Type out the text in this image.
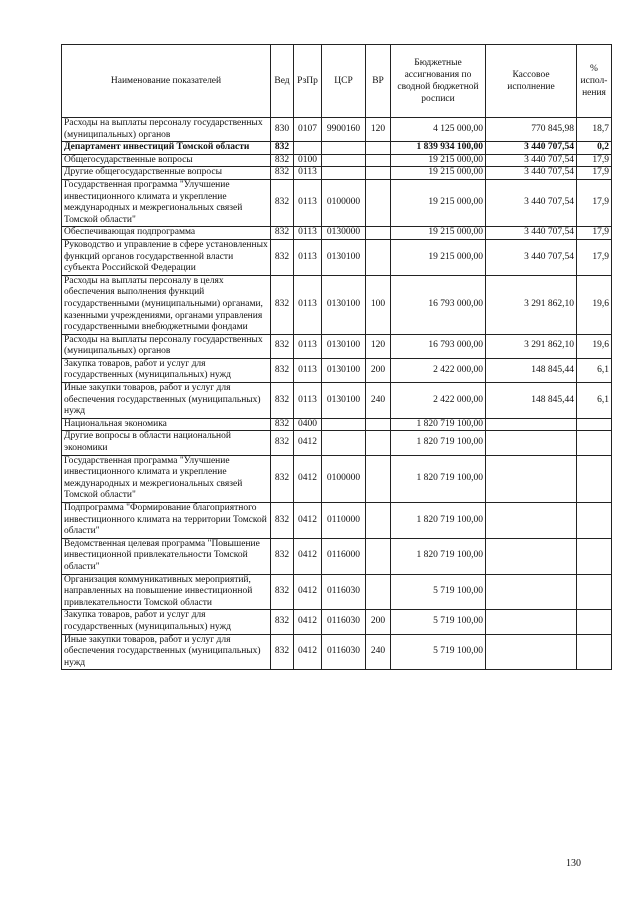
Наименование показателей	Вед	РзПр	ЦСР	ВР	Бюджетные ассигнования по сводной бюджетной росписи	Кассовое исполнение	% испол-нения
Расходы на выплаты персоналу государственных (муниципальных) органов	830	0107	9900160	120	4 125 000,00	770 845,98	18,7
Департамент инвестиций Томской области	832				1 839 934 100,00	3 440 707,54	0,2
Общегосударственные вопросы	832	0100			19 215 000,00	3 440 707,54	17,9
Другие общегосударственные вопросы	832	0113			19 215 000,00	3 440 707,54	17,9
Государственная программа "Улучшение инвестиционного климата и укрепление международных и межрегиональных связей Томской области"	832	0113	0100000		19 215 000,00	3 440 707,54	17,9
Обеспечивающая подпрограмма	832	0113	0130000		19 215 000,00	3 440 707,54	17,9
Руководство и управление в сфере установленных функций органов государственной власти субъекта Российской Федерации	832	0113	0130100		19 215 000,00	3 440 707,54	17,9
Расходы на выплаты персоналу в целях обеспечения выполнения функций государственными (муниципальными) органами, казенными учреждениями, органами управления государственными внебюджетными фондами	832	0113	0130100	100	16 793 000,00	3 291 862,10	19,6
Расходы на выплаты персоналу государственных (муниципальных) органов	832	0113	0130100	120	16 793 000,00	3 291 862,10	19,6
Закупка товаров, работ и услуг для государственных (муниципальных) нужд	832	0113	0130100	200	2 422 000,00	148 845,44	6,1
Иные закупки товаров, работ и услуг для обеспечения государственных (муниципальных) нужд	832	0113	0130100	240	2 422 000,00	148 845,44	6,1
Национальная экономика	832	0400			1 820 719 100,00		
Другие вопросы в области национальной экономики	832	0412			1 820 719 100,00		
Государственная программа "Улучшение инвестиционного климата и укрепление международных и межрегиональных связей Томской области"	832	0412	0100000		1 820 719 100,00		
Подпрограмма "Формирование благоприятного инвестиционного климата на территории Томской области"	832	0412	0110000		1 820 719 100,00		
Ведомственная целевая программа "Повышение инвестиционной привлекательности Томской области"	832	0412	0116000		1 820 719 100,00		
Организация коммуникативных мероприятий, направленных на повышение инвестиционной привлекательности Томской области	832	0412	0116030		5 719 100,00		
Закупка товаров, работ и услуг для государственных (муниципальных) нужд	832	0412	0116030	200	5 719 100,00		
Иные закупки товаров, работ и услуг для обеспечения государственных (муниципальных) нужд	832	0412	0116030	240	5 719 100,00		
130
